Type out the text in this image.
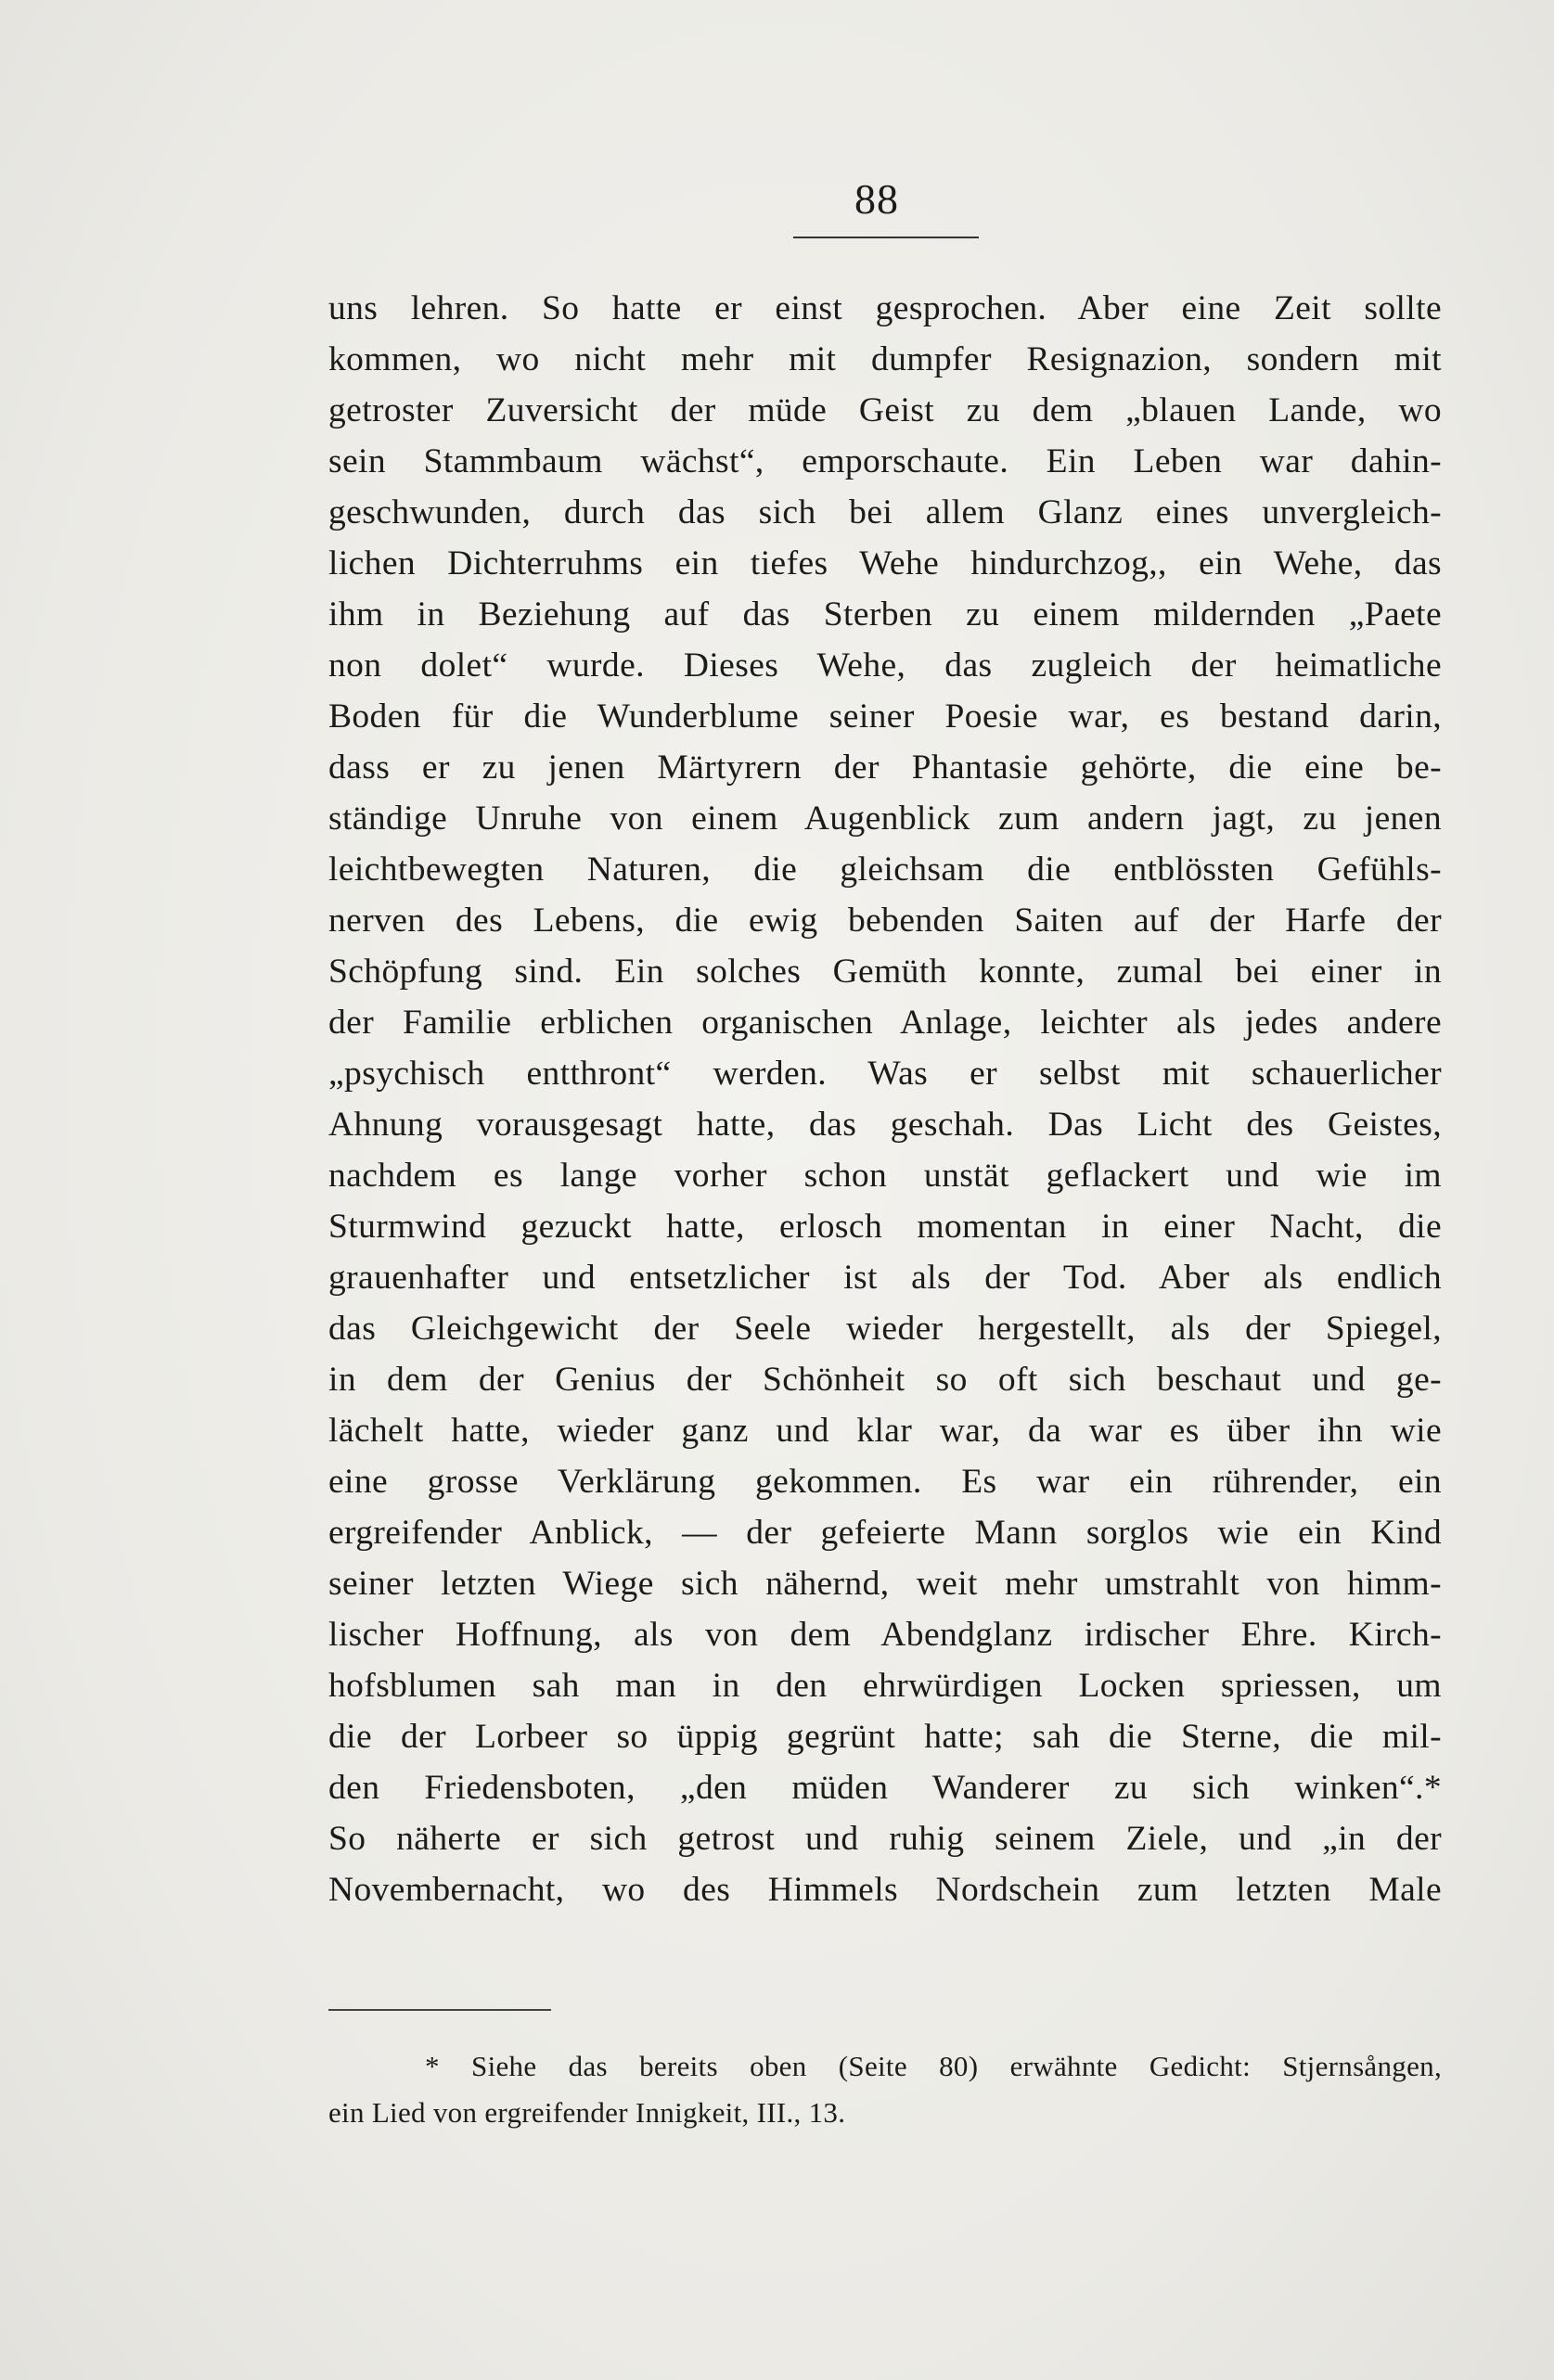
88

uns lehren. So hatte er einst gesprochen. Aber eine Zeit sollte
kommen, wo nicht mehr mit dumpfer Resignazion, sondern mit
getroster Zuversicht der müde Geist zu dem „blauen Lande, wo
sein Stammbaum wächst“, emporschaute. Ein Leben war dahin-
geschwunden, durch das sich bei allem Glanz eines unvergleich-
lichen Dichterruhms ein tiefes Wehe hindurchzog,, ein Wehe, das
ihm in Beziehung auf das Sterben zu einem mildernden „Paete
non dolet“ wurde. Dieses Wehe, das zugleich der heimatliche
Boden für die Wunderblume seiner Poesie war, es bestand darin,
dass er zu jenen Märtyrern der Phantasie gehörte, die eine be-
ständige Unruhe von einem Augenblick zum andern jagt, zu jenen
leichtbewegten Naturen, die gleichsam die entblössten Gefühls-
nerven des Lebens, die ewig bebenden Saiten auf der Harfe der
Schöpfung sind. Ein solches Gemüth konnte, zumal bei einer in
der Familie erblichen organischen Anlage, leichter als jedes andere
„psychisch entthront“ werden. Was er selbst mit schauerlicher
Ahnung vorausgesagt hatte, das geschah. Das Licht des Geistes,
nachdem es lange vorher schon unstät geflackert und wie im
Sturmwind gezuckt hatte, erlosch momentan in einer Nacht, die
grauenhafter und entsetzlicher ist als der Tod. Aber als endlich
das Gleichgewicht der Seele wieder hergestellt, als der Spiegel,
in dem der Genius der Schönheit so oft sich beschaut und ge-
lächelt hatte, wieder ganz und klar war, da war es über ihn wie
eine grosse Verklärung gekommen. Es war ein rührender, ein
ergreifender Anblick, — der gefeierte Mann sorglos wie ein Kind
seiner letzten Wiege sich nähernd, weit mehr umstrahlt von himm-
lischer Hoffnung, als von dem Abendglanz irdischer Ehre. Kirch-
hofsblumen sah man in den ehrwürdigen Locken spriessen, um
die der Lorbeer so üppig gegrünt hatte; sah die Sterne, die mil-
den Friedensboten, „den müden Wanderer zu sich winken“.*
So näherte er sich getrost und ruhig seinem Ziele, und „in der
Novembernacht, wo des Himmels Nordschein zum letzten Male
* Siehe das bereits oben (Seite 80) erwähnte Gedicht: Stjernsången,
ein Lied von ergreifender Innigkeit, III., 13.
